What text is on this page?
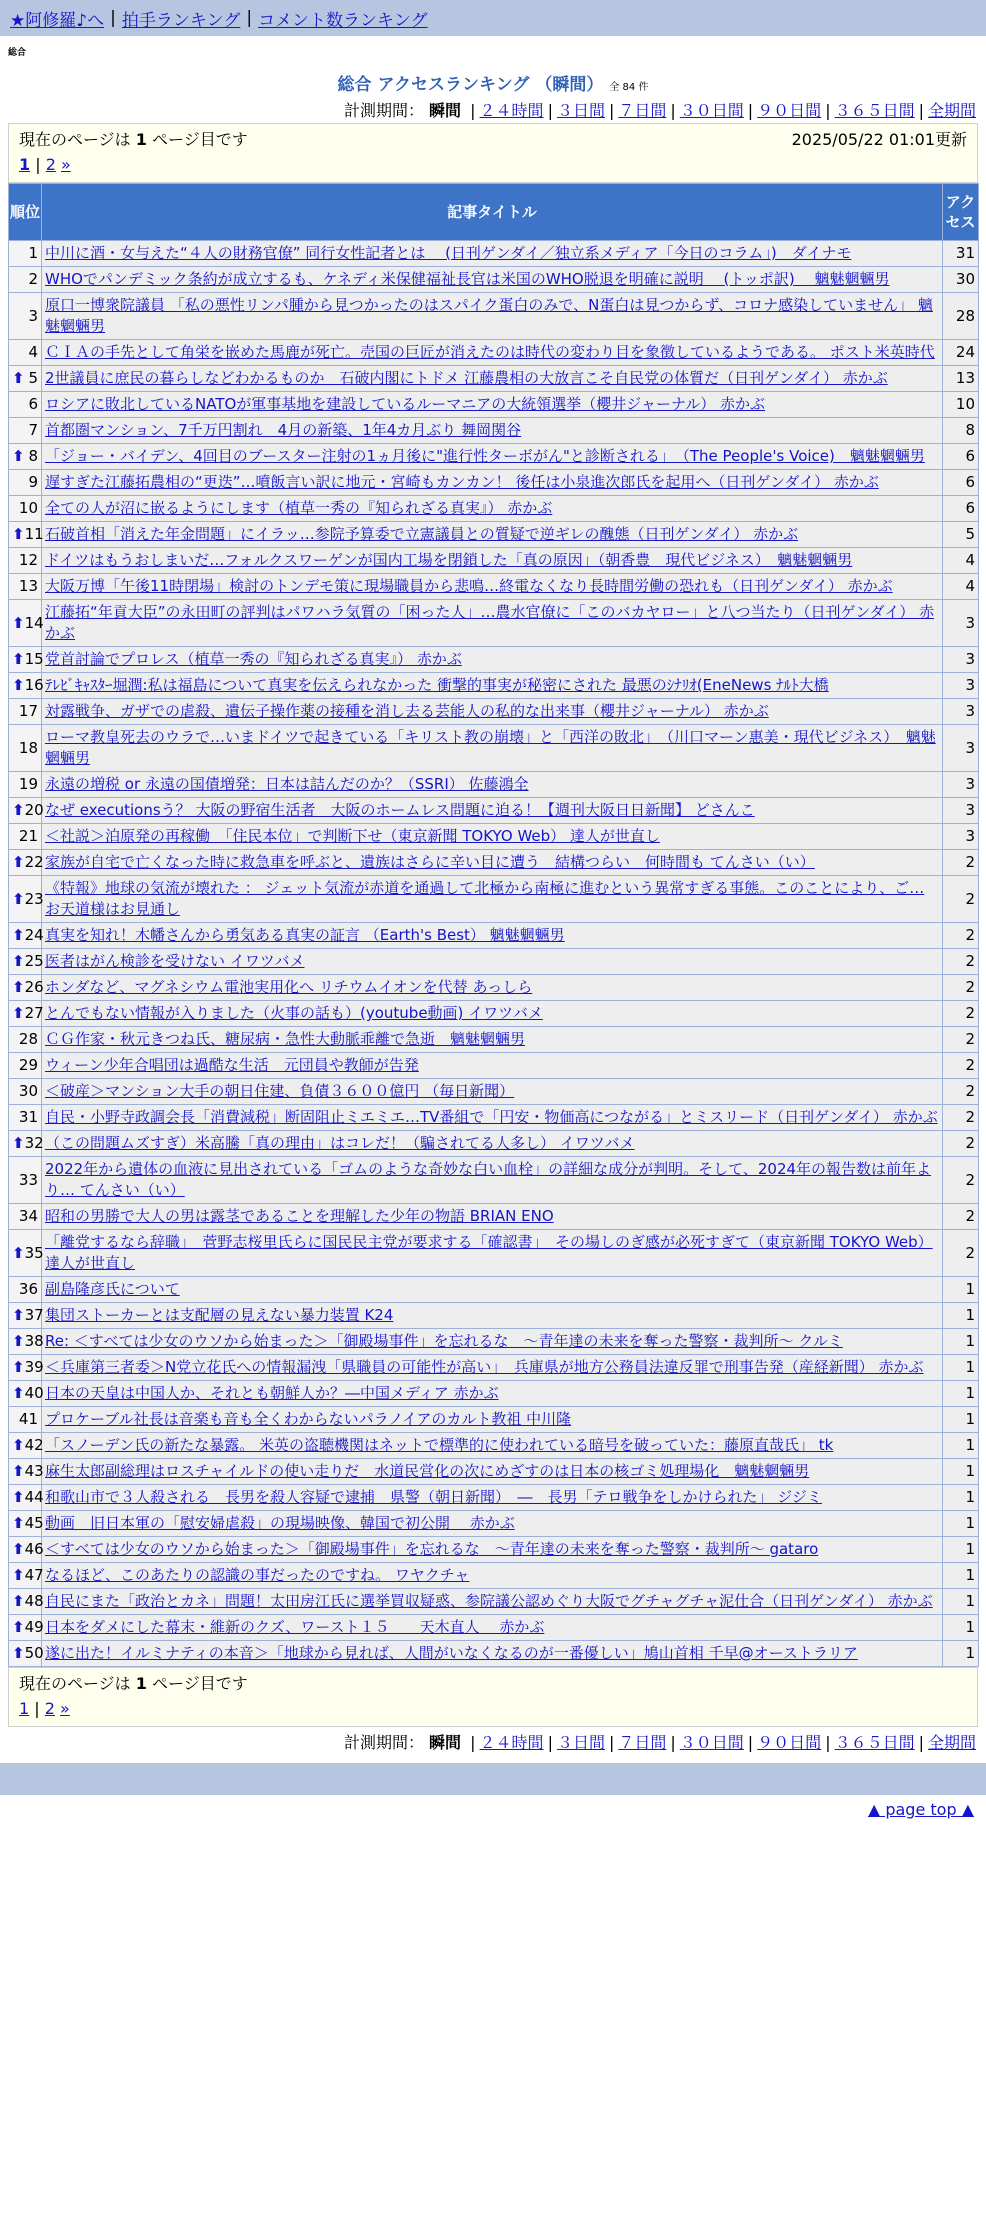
★阿修羅♪へ | 拍手ランキング | コメント数ランキング
総合
総合 アクセスランキング （瞬間） 全 84 件
計測期間： 瞬間 | ２４時間 | ３日間 | ７日間 | ３０日間 | ９０日間 | ３６５日間 | 全期間
現在のページは 1 ページ目です	2025/05/22 01:01更新
1 | 2 »
順位	記事タイトル	アクセス
1	中川に酒・女与えた“４人の財務官僚” 同行女性記者とは 　(日刊ゲンダイ／独立系メディア「今日のコラム」)　ダイナモ	31
2	WHOでパンデミック条約が成立するも、ケネディ米保健福祉長官は米国のWHO脱退を明確に説明 　(トッポ訳)　 魑魅魍魎男	30
3	原口一博衆院議員 「私の悪性リンパ腫から見つかったのはスパイク蛋白のみで、N蛋白は見つからず、コロナ感染していません」 魑魅魍魎男	28
4	ＣＩＡの手先として角栄を嵌めた馬鹿が死亡。売国の巨匠が消えたのは時代の変わり目を象徴しているようである。 ポスト米英時代	24

⬆ 5	2世議員に庶民の暮らしなどわかるものか　石破内閣にトドメ 江藤農相の大放言こそ自民党の体質だ（日刊ゲンダイ） 赤かぶ	13
6	ロシアに敗北しているNATOが軍事基地を建設しているルーマニアの大統領選挙（櫻井ジャーナル） 赤かぶ	10
7	首都圏マンション、7千万円割れ　4月の新築、1年4カ月ぶり 舞岡関谷	8

⬆ 8	「ジョー・バイデン、4回目のブースター注射の1ヵ月後に"進行性ターボがん"と診断される」　（The People's Voice)　魑魅魍魎男	6
9	遅すぎた江藤拓農相の“更迭”…噴飯言い訳に地元・宮崎もカンカン！ 後任は小泉進次郎氏を起用へ（日刊ゲンダイ） 赤かぶ	6
10	全ての人が沼に嵌るようにします（植草一秀の『知られざる真実』） 赤かぶ	6

⬆ 11	石破首相「消えた年金問題」にイラッ…参院予算委で立憲議員との質疑で逆ギレの醜態（日刊ゲンダイ） 赤かぶ	5
12	ドイツはもうおしまいだ…フォルクスワーゲンが国内工場を閉鎖した「真の原因」（朝香豊　現代ビジネス）　魑魅魍魎男	4
13	大阪万博「午後11時閉場」検討のトンデモ策に現場職員から悲鳴…終電なくなり長時間労働の恐れも（日刊ゲンダイ） 赤かぶ	4

⬆ 14	江藤拓“年貢大臣”の永田町の評判はパワハラ気質の「困った人」…農水官僚に「このバカヤロー」と八つ当たり（日刊ゲンダイ） 赤かぶ	3

⬆ 15	党首討論でプロレス（植草一秀の『知られざる真実』） 赤かぶ	3

⬆ 16	ﾃﾚﾋﾞｷｬｽﾀｰ堀潤:私は福島について真実を伝えられなかった 衝撃的事実が秘密にされた 最悪のｼﾅﾘｵ(EneNews ﾅﾙﾄ大橋	3
17	対露戦争、ガザでの虐殺、遺伝子操作薬の接種を消し去る芸能人の私的な出来事（櫻井ジャーナル） 赤かぶ	3
18	ローマ教皇死去のウラで…いまドイツで起きている「キリスト教の崩壊」と「西洋の敗北」　（川口マーン惠美・現代ビジネス）　魑魅魍魎男	3
19	永遠の増税 or 永遠の国債増発：日本は詰んだのか？（SSRI） 佐藤鴻全	3

⬆ 20	なぜ executionsう？ 大阪の野宿生活者　大阪のホームレス問題に迫る！【週刊大阪日日新聞】 どさんこ	3
21	＜社説＞泊原発の再稼働　「住民本位」で判断下せ（東京新聞 TOKYO Web） 達人が世直し	3

⬆ 22	家族が自宅で亡くなった時に救急車を呼ぶと、遺族はさらに辛い目に遭う　結構つらい　何時間も てんさい（い）	2

⬆ 23	《特報》地球の気流が壊れた ： ジェット気流が赤道を通過して北極から南極に進むという異常すぎる事態。このことにより、ご… お天道様はお見通し	2

⬆ 24	真実を知れ！木幡さんから勇気ある真実の証言 （Earth's Best） 魑魅魍魎男	2

⬆ 25	医者はがん検診を受けない イワツバメ	2

⬆ 26	ホンダなど、マグネシウム電池実用化へ リチウムイオンを代替 あっしら	2

⬆ 27	とんでもない情報が入りました（火事の話も）(youtube動画) イワツバメ	2
28	ＣＧ作家・秋元きつね氏、糖尿病・急性大動脈乖離で急逝　魑魅魍魎男	2
29	ウィーン少年合唱団は過酷な生活　元団員や教師が告発	2
30	＜破産＞マンション大手の朝日住建、負債３６００億円 （毎日新聞）	2
31	自民・小野寺政調会長「消費減税」断固阻止ミエミエ…TV番組で「円安・物価高につながる」とミスリード（日刊ゲンダイ） 赤かぶ	2

⬆ 32	（この問題ムズすぎ）米高騰「真の理由」はコレだ！（騙されてる人多し） イワツバメ	2
33	2022年から遺体の血液に見出されている「ゴムのような奇妙な白い血栓」の詳細な成分が判明。そして、2024年の報告数は前年より… てんさい（い）	2
34	昭和の男勝で大人の男は露茎であることを理解した少年の物語 BRIAN ENO	2

⬆ 35	「離党するなら辞職」　菅野志桜里氏らに国民民主党が要求する「確認書」　その場しのぎ感が必死すぎて（東京新聞 TOKYO Web） 達人が世直し	2
36	副島隆彦氏について	1

⬆ 37	集団ストーカーとは支配層の見えない暴力装置 K24	1

⬆ 38	Re: ＜すべては少女のウソから始まった＞「御殿場事件」を忘れるな　～青年達の未来を奪った警察・裁判所～ クルミ	1

⬆ 39	＜兵庫第三者委＞N党立花氏への情報漏洩「県職員の可能性が高い」　兵庫県が地方公務員法違反罪で刑事告発（産経新聞） 赤かぶ	1

⬆ 40	日本の天皇は中国人か、それとも朝鮮人か？―中国メディア 赤かぶ	1
41	プロケーブル社長は音楽も音も全くわからないパラノイアのカルト教祖 中川隆	1

⬆ 42	「スノーデン氏の新たな暴露。 米英の盗聴機関はネットで標準的に使われている暗号を破っていた：藤原直哉氏」 tk	1

⬆ 43	麻生太郎副総理はロスチャイルドの使い走りだ　水道民営化の次にめざすのは日本の核ゴミ処理場化　魑魅魍魎男	1

⬆ 44	和歌山市で３人殺される　長男を殺人容疑で逮捕　県警（朝日新聞）　―　長男「テロ戦争をしかけられた」 ジジミ	1

⬆ 45	動画　旧日本軍の「慰安婦虐殺」の現場映像、韓国で初公開　 赤かぶ	1

⬆ 46	＜すべては少女のウソから始まった＞「御殿場事件」を忘れるな　～青年達の未来を奪った警察・裁判所～ gataro	1

⬆ 47	なるほど、このあたりの認識の事だったのですね。 ワヤクチャ	1

⬆ 48	自民にまた「政治とカネ」問題！太田房江氏に選挙買収疑惑、参院議公認めぐり大阪でグチャグチャ泥仕合（日刊ゲンダイ） 赤かぶ	1

⬆ 49	日本をダメにした幕末・維新のクズ、ワースト１５　　天木直人　 赤かぶ	1

⬆ 50	遂に出た！イルミナティの本音＞「地球から見れば、人間がいなくなるのが一番優しい」鳩山首相 千早@オーストラリア	1
現在のページは 1 ページ目です
1 | 2 »
計測期間： 瞬間 | ２４時間 | ３日間 | ７日間 | ３０日間 | ９０日間 | ３６５日間 | 全期間
▲ page top ▲
